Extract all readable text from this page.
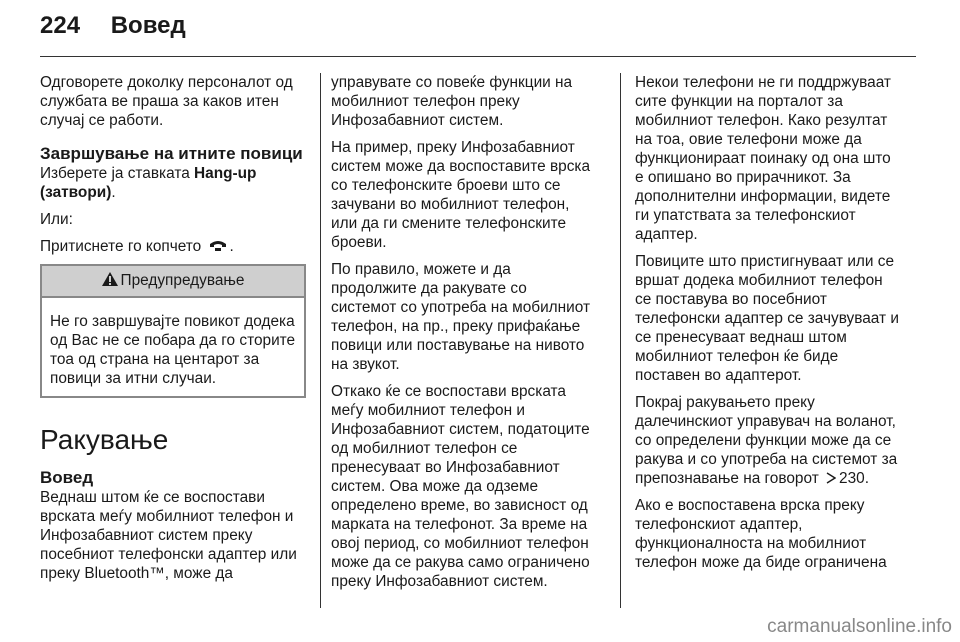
224 Вовед

Одговорете доколку персоналот од службата ве праша за каков итен случај се работи.

Завршување на итните повици

Изберете ја ставката Hang-up (затвори).

Или:

Притиснете го копчето .

Предупредување
Не го завршувајте повикот додека од Вас не се побара да го сторите тоа од страна на центарот за повици за итни случаи.
Ракување
Вовед

Веднаш штом ќе се воспостави врската меѓу мобилниот телефон и Инфозабавниот систем преку посебниот телефонски адаптер или преку Bluetooth™, може да

управувате со повеќе функции на мобилниот телефон преку Инфозабавниот систем.

На пример, преку Инфозабавниот систем може да воспоставите врска со телефонските броеви што се зачувани во мобилниот телефон, или да ги смените телефонските броеви.

По правило, можете и да продолжите да ракувате со системот со употреба на мобилниот телефон, на пр., преку прифаќање повици или поставување на нивото на звукот.

Откако ќе се воспостави врската меѓу мобилниот телефон и Инфозабавниот систем, податоците од мобилниот телефон се пренесуваат во Инфозабавниот систем. Ова може да одземе определено време, во зависност од марката на телефонот. За време на овој период, со мобилниот телефон може да се ракува само ограничено преку Инфозабавниот систем.

Некои телефони не ги поддржуваат сите функции на порталот за мобилниот телефон. Како резултат на тоа, овие телефони може да функционираат поинаку од она што е опишано во прирачникот. За дополнителни информации, видете ги упатствата за телефонскиот адаптер.

Повиците што пристигнуваат или се вршат додека мобилниот телефон се поставува во посебниот телефонски адаптер се зачувуваат и се пренесуваат веднаш штом мобилниот телефон ќе биде поставен во адаптерот.

Покрај ракувањето преку далечинскиот управувач на воланот, со определени функции може да се ракува и со употреба на системот за препознавање на говорот 230.

Ако е воспоставена врска преку телефонскиот адаптер, функционалноста на мобилниот телефон може да биде ограничена

carmanualsonline.info
